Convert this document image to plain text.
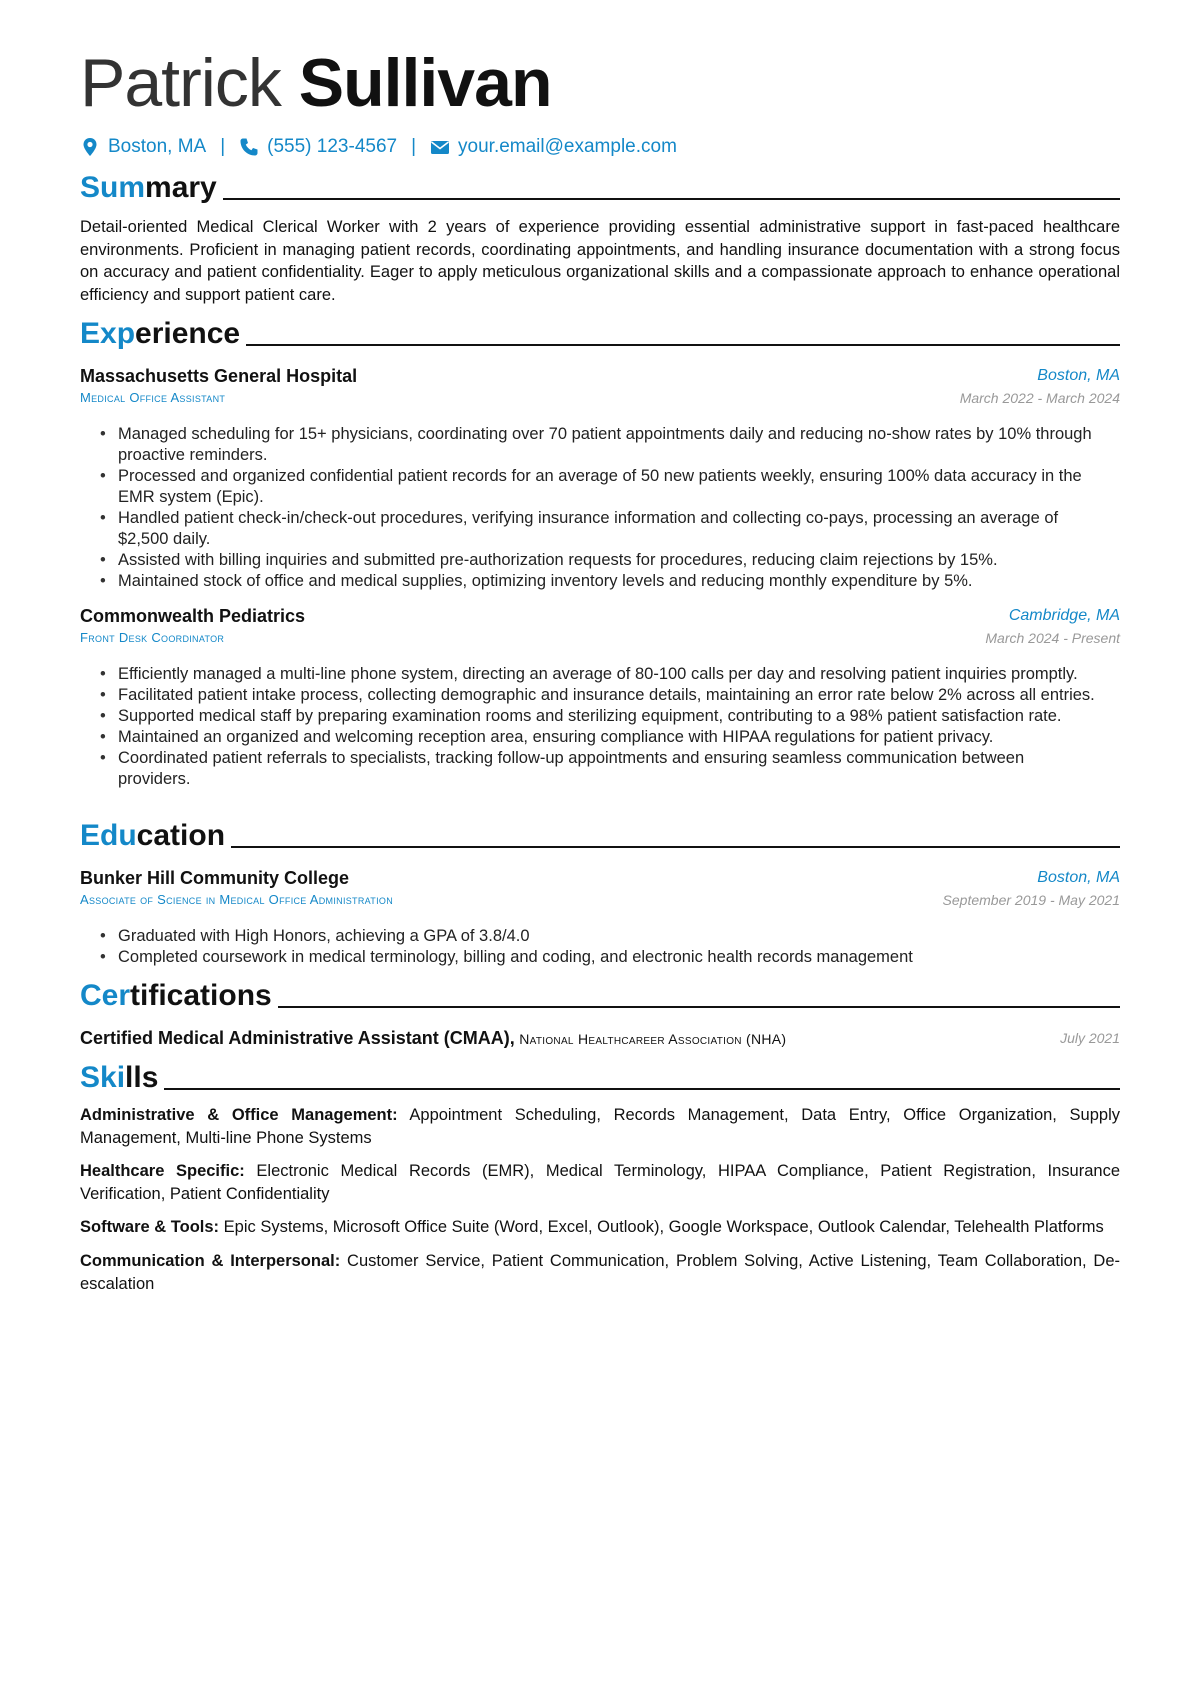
Patrick Sullivan
Boston, MA | (555) 123-4567 | your.email@example.com
Summary
Detail-oriented Medical Clerical Worker with 2 years of experience providing essential administrative support in fast-paced healthcare environments. Proficient in managing patient records, coordinating appointments, and handling insurance documentation with a strong focus on accuracy and patient confidentiality. Eager to apply meticulous organizational skills and a compassionate approach to enhance operational efficiency and support patient care.
Experience
Massachusetts General Hospital	Boston, MA
Medical Office Assistant	March 2022 - March 2024
• Managed scheduling for 15+ physicians, coordinating over 70 patient appointments daily and reducing no-show rates by 10% through proactive reminders.
• Processed and organized confidential patient records for an average of 50 new patients weekly, ensuring 100% data accuracy in the EMR system (Epic).
• Handled patient check-in/check-out procedures, verifying insurance information and collecting co-pays, processing an average of $2,500 daily.
• Assisted with billing inquiries and submitted pre-authorization requests for procedures, reducing claim rejections by 15%.
• Maintained stock of office and medical supplies, optimizing inventory levels and reducing monthly expenditure by 5%.
Commonwealth Pediatrics	Cambridge, MA
Front Desk Coordinator	March 2024 - Present
• Efficiently managed a multi-line phone system, directing an average of 80-100 calls per day and resolving patient inquiries promptly.
• Facilitated patient intake process, collecting demographic and insurance details, maintaining an error rate below 2% across all entries.
• Supported medical staff by preparing examination rooms and sterilizing equipment, contributing to a 98% patient satisfaction rate.
• Maintained an organized and welcoming reception area, ensuring compliance with HIPAA regulations for patient privacy.
• Coordinated patient referrals to specialists, tracking follow-up appointments and ensuring seamless communication between providers.
Education
Bunker Hill Community College	Boston, MA
Associate of Science in Medical Office Administration	September 2019 - May 2021
• Graduated with High Honors, achieving a GPA of 3.8/4.0
• Completed coursework in medical terminology, billing and coding, and electronic health records management
Certifications
Certified Medical Administrative Assistant (CMAA), National Healthcareer Association (NHA)	July 2021
Skills
Administrative & Office Management: Appointment Scheduling, Records Management, Data Entry, Office Organization, Supply Management, Multi-line Phone Systems
Healthcare Specific: Electronic Medical Records (EMR), Medical Terminology, HIPAA Compliance, Patient Registration, Insurance Verification, Patient Confidentiality
Software & Tools: Epic Systems, Microsoft Office Suite (Word, Excel, Outlook), Google Workspace, Outlook Calendar, Telehealth Platforms
Communication & Interpersonal: Customer Service, Patient Communication, Problem Solving, Active Listening, Team Collaboration, De-escalation
